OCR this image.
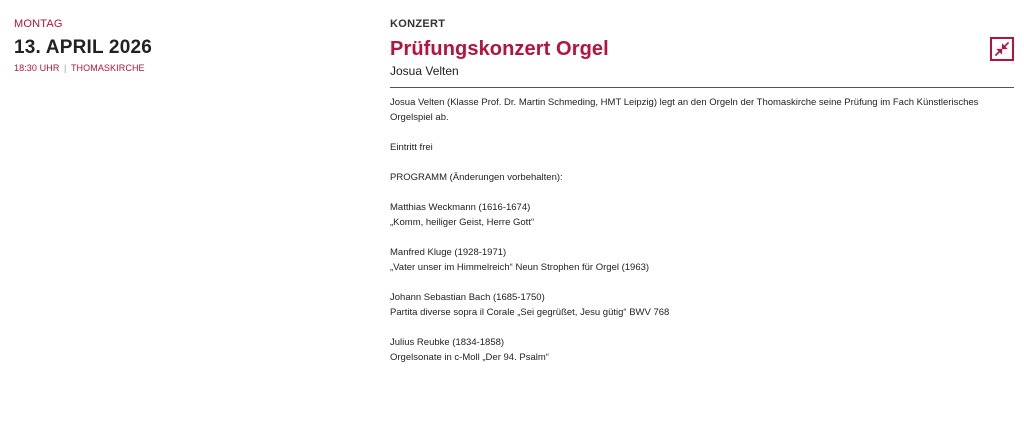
MONTAG
13. APRIL 2026
18:30 UHR | THOMASKIRCHE
KONZERT
Prüfungskonzert Orgel
Josua Velten

Josua Velten (Klasse Prof. Dr. Martin Schmeding, HMT Leipzig) legt an den Orgeln der Thomaskirche seine Prüfung im Fach Künstlerisches Orgelspiel ab.

Eintritt frei

PROGRAMM (Änderungen vorbehalten):

Matthias Weckmann (1616-1674)
„Komm, heiliger Geist, Herre Gott“
Manfred Kluge (1928-1971)
„Vater unser im Himmelreich“ Neun Strophen für Orgel (1963)
Johann Sebastian Bach (1685-1750)
Partita diverse sopra il Corale „Sei gegrüßet, Jesu gütig“ BWV 768
Julius Reubke (1834-1858)
Orgelsonate in c-Moll „Der 94. Psalm“
